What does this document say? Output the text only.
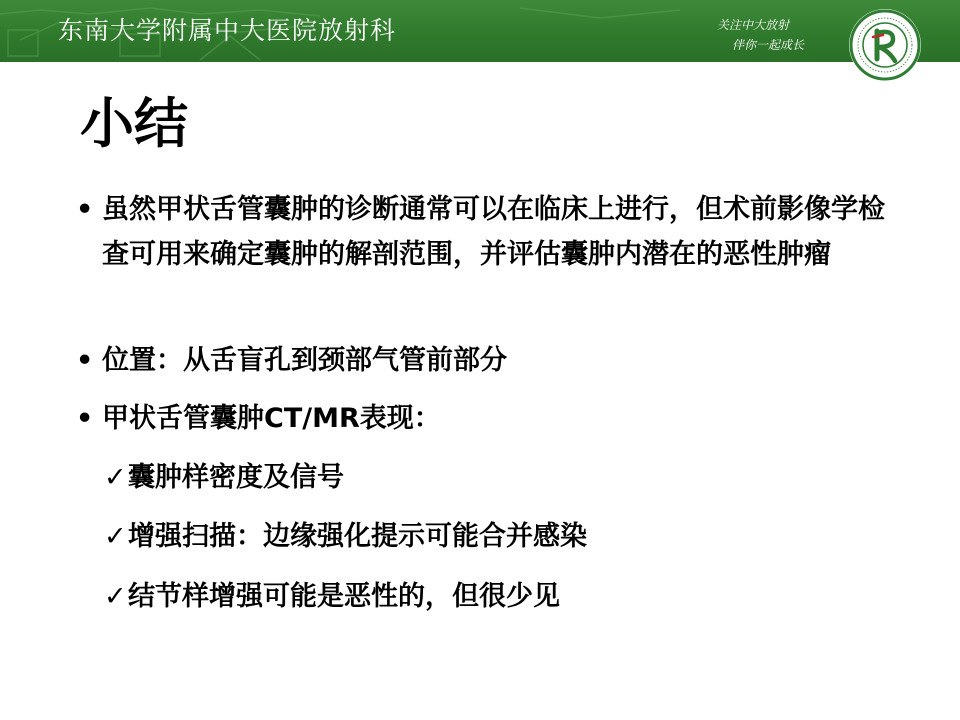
东南大学附属中大医院放射科	关注中大放射
伴你一起成长
小结
• 虽然甲状舌管囊肿的诊断通常可以在临床上进行，但术前影像学检查可用来确定囊肿的解剖范围，并评估囊肿内潜在的恶性肿瘤
• 位置：从舌盲孔到颈部气管前部分
• 甲状舌管囊肿CT/MR表现：
✓囊肿样密度及信号
✓增强扫描：边缘强化提示可能合并感染
✓结节样增强可能是恶性的，但很少见
